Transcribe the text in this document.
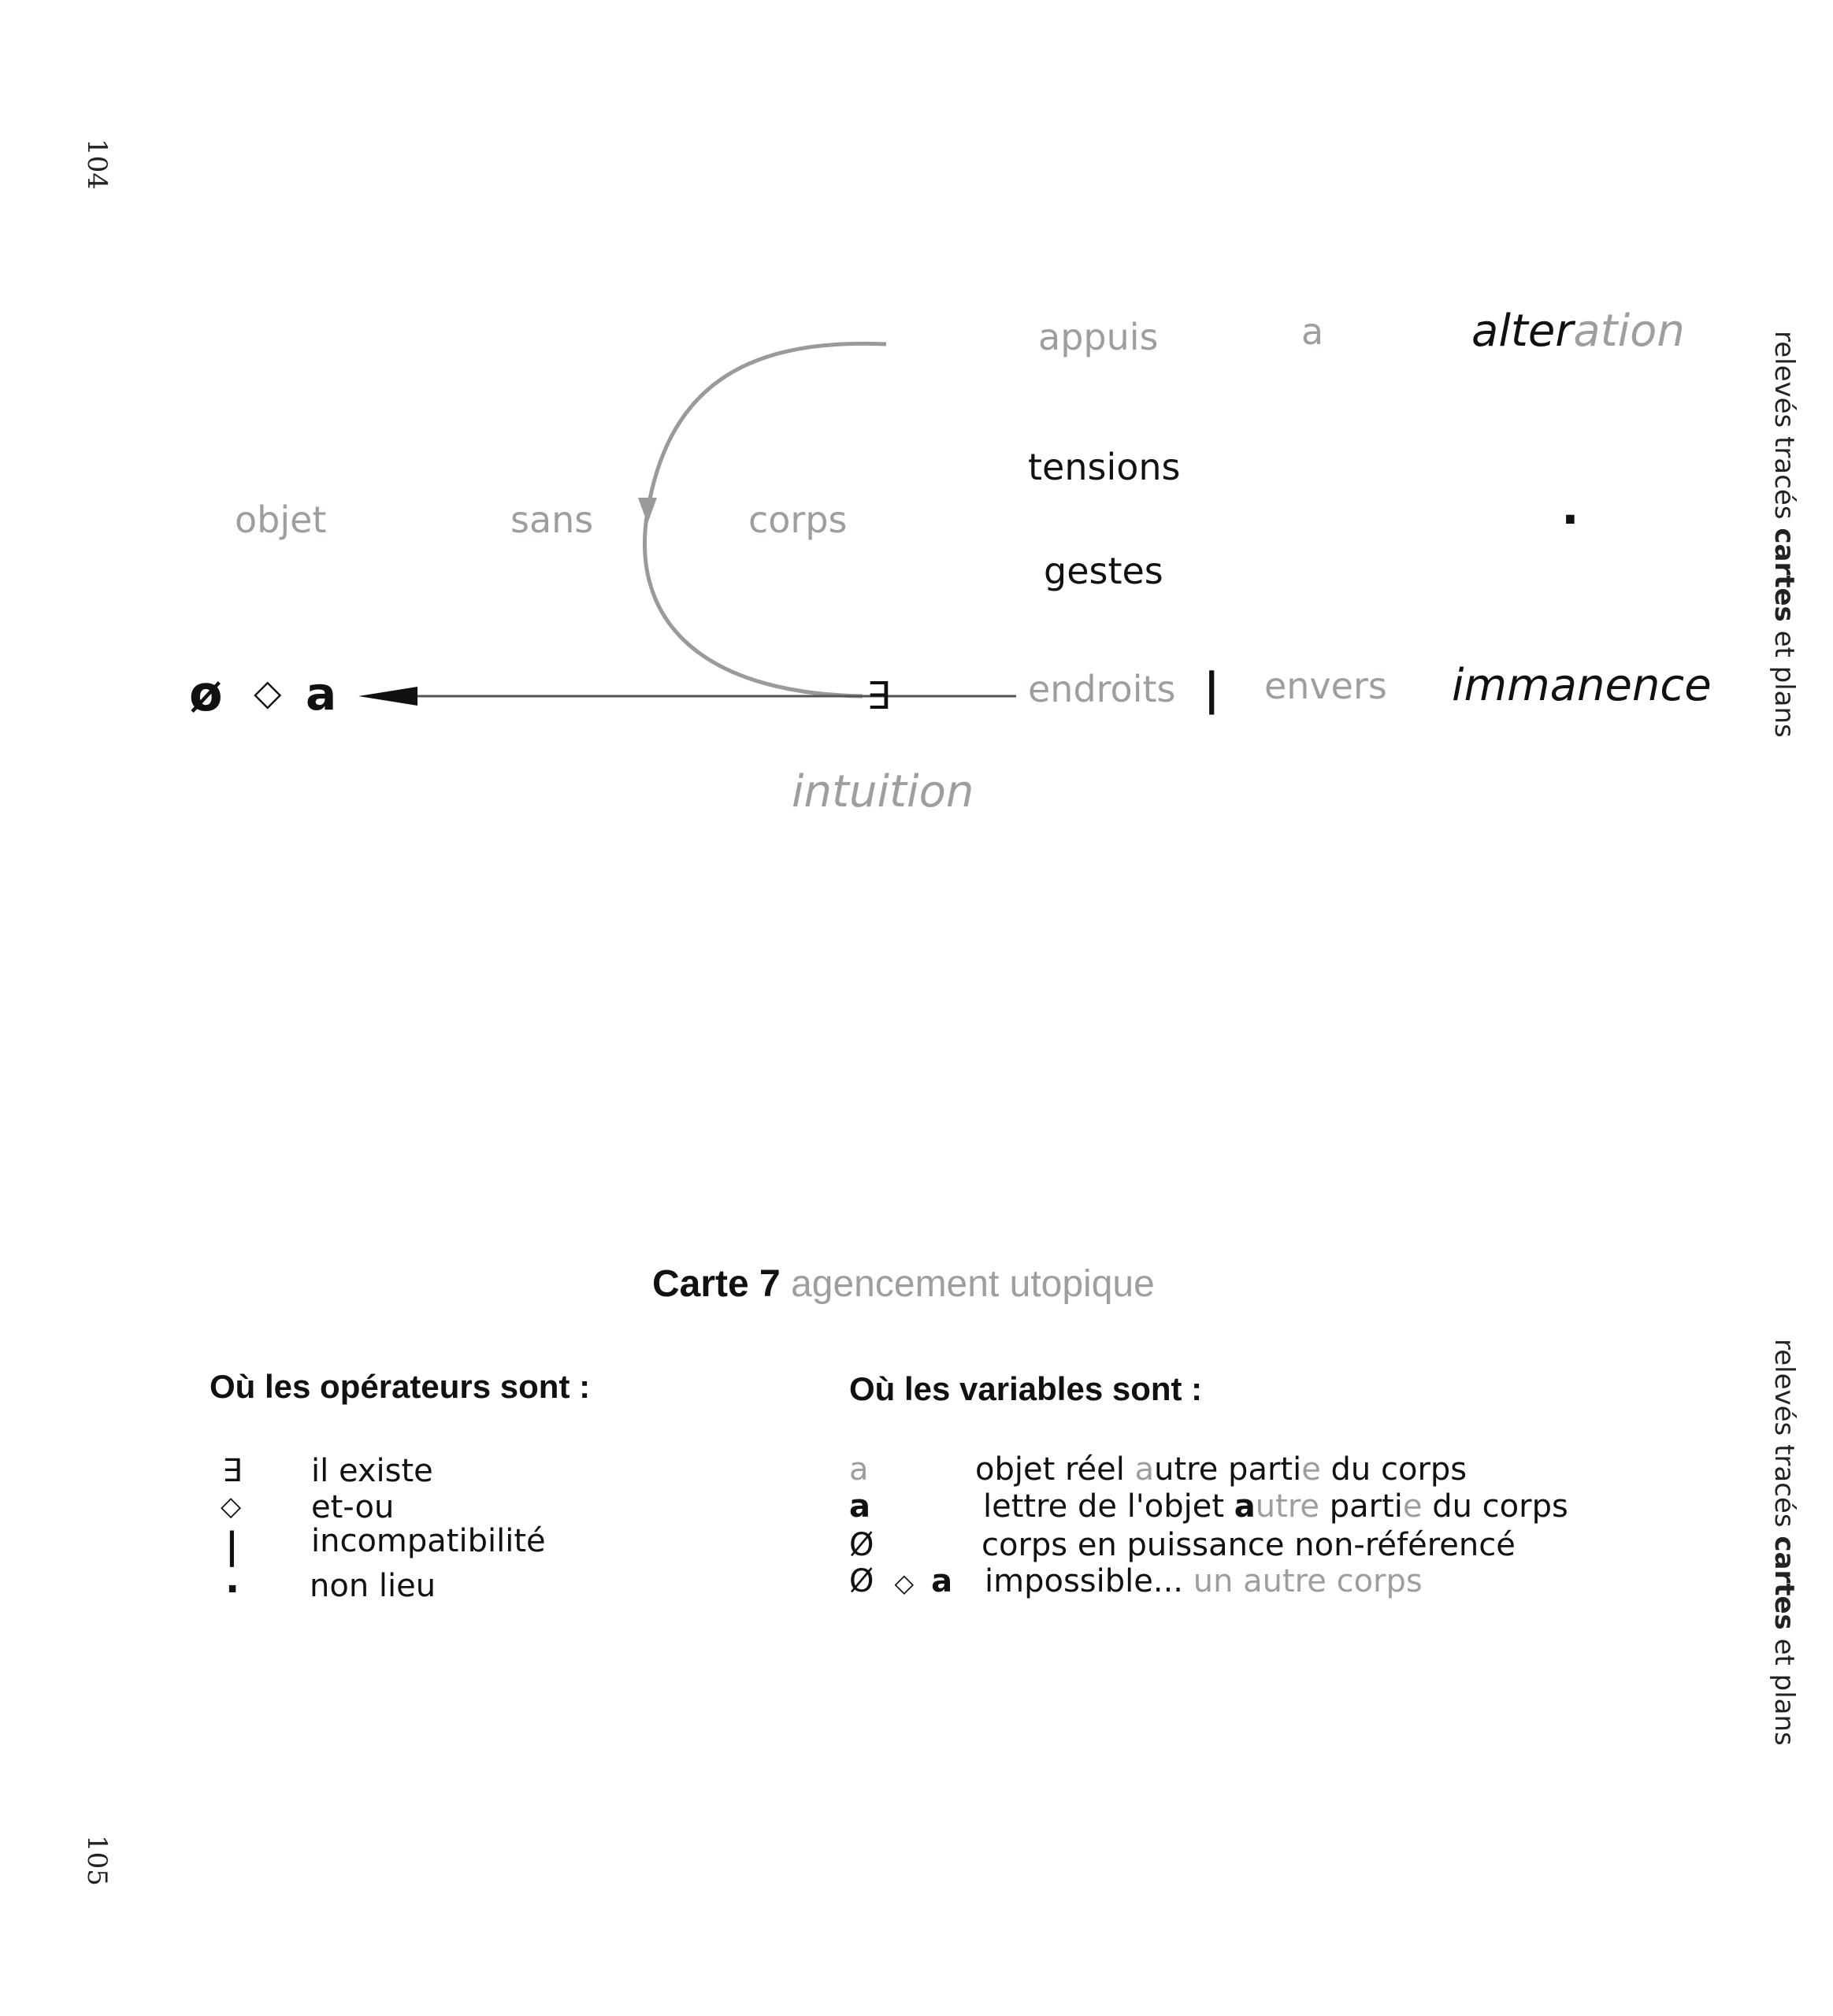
104
105
relevés tracés cartes et plans
relevés tracés cartes et plans
appuis	a	alteration
tensions
objet	sans	corps	·
gestes
ø ◇ a	∃	endroits | envers immanence
intuition
Carte 7 agencement utopique
Où les opérateurs sont :
∃ il existe
◇ et-ou
| incompatibilité
· non lieu
Où les variables sont :
a	objet réel autre partie du corps
a	lettre de l'objet autre partie du corps
Ø	corps en puissance non-référencé
Ø ◇ a impossible... un autre corps
